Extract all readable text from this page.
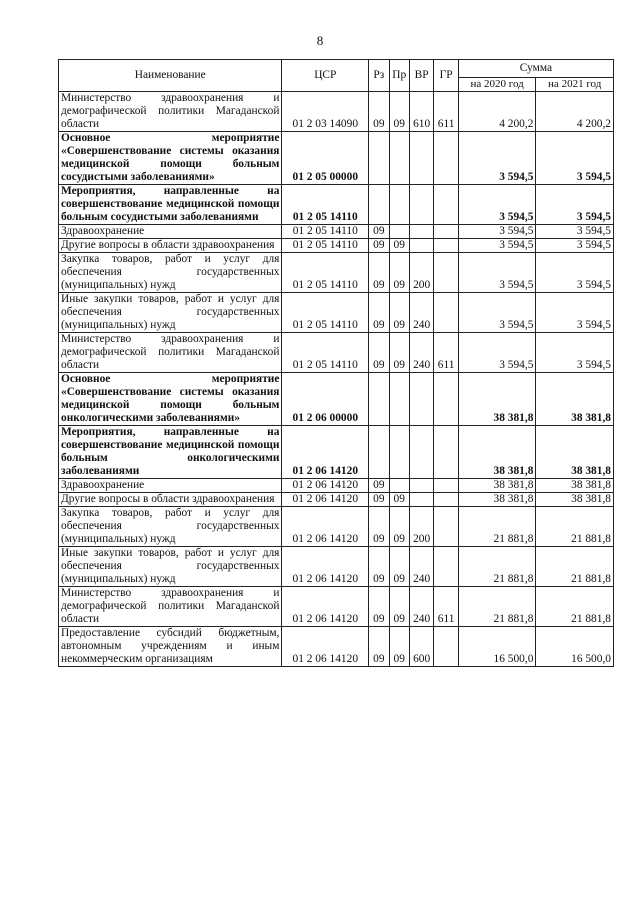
8
Наименование	ЦСР	Рз	Пр	ВР	ГР	Сумма	
						на 2020 год	на 2021 год
Министерство здравоохранения и демографической политики Магаданской области	01 2 03 14090	09	09	610	611	4 200,2	4 200,2
Основное мероприятие «Совершенствование системы оказания медицинской помощи больным сосудистыми заболеваниями»	01 2 05 00000					3 594,5	3 594,5
Мероприятия, направленные на совершенствование медицинской помощи больным сосудистыми заболеваниями	01 2 05 14110					3 594,5	3 594,5
Здравоохранение	01 2 05 14110	09				3 594,5	3 594,5
Другие вопросы в области здравоохранения	01 2 05 14110	09	09			3 594,5	3 594,5
Закупка товаров, работ и услуг для обеспечения государственных (муниципальных) нужд	01 2 05 14110	09	09	200		3 594,5	3 594,5
Иные закупки товаров, работ и услуг для обеспечения государственных (муниципальных) нужд	01 2 05 14110	09	09	240		3 594,5	3 594,5
Министерство здравоохранения и демографической политики Магаданской области	01 2 05 14110	09	09	240	611	3 594,5	3 594,5
Основное мероприятие «Совершенствование системы оказания медицинской помощи больным онкологическими заболеваниями»	01 2 06 00000					38 381,8	38 381,8
Мероприятия, направленные на совершенствование медицинской помощи больным онкологическими заболеваниями	01 2 06 14120					38 381,8	38 381,8
Здравоохранение	01 2 06 14120	09				38 381,8	38 381,8
Другие вопросы в области здравоохранения	01 2 06 14120	09	09			38 381,8	38 381,8
Закупка товаров, работ и услуг для обеспечения государственных (муниципальных) нужд	01 2 06 14120	09	09	200		21 881,8	21 881,8
Иные закупки товаров, работ и услуг для обеспечения государственных (муниципальных) нужд	01 2 06 14120	09	09	240		21 881,8	21 881,8
Министерство здравоохранения и демографической политики Магаданской области	01 2 06 14120	09	09	240	611	21 881,8	21 881,8
Предоставление субсидий бюджетным, автономным учреждениям и иным некоммерческим организациям	01 2 06 14120	09	09	600		16 500,0	16 500,0
